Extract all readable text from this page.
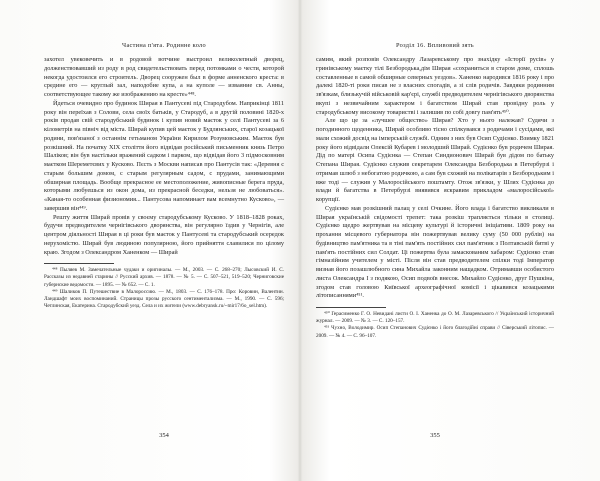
Частина п'ята. Родинне коло

захотел увековечить и в родовой вотчине выстроил великолепный дворец, долженствовавший из роду в род свидетельствовать перед потомками о чести, которой некогда удостоился его строитель. Дворец сооружен был в форме анненского креста: в средине его — круглый зал, наподобие купа, а на куполе — изваяние св. Анны, соответствующее такому же изображению на кресте»⁴⁴⁸.

Йдеться очевидно про будинок Ширая в Пантусеві під Стародубом. Наприкінці 1811 року він переїхав з Солови, села своїх батьків, у Стародуб, а в другій половині 1820-х років продав свій стародубський будинок і купив новий маєток у селі Пантусеві за 6 кілометрів на північ від міста. Ширай купив цей маєток у Будлянських, старої козацької родини, пов'язаної з останнім гетьманом України Кирилом Розумовським. Маєток був розкішний. На початку XIX століття його відвідав російський письменник князь Петро Шаліков; він був настільки вражений садком і парком, що відвідав його 3 підмосковним маєтком Шереметєвих у Кусково. Пєсть з Москви написав про Пантусів так: «Деревня с старым большим домом, с старым регулярным садом, с прудами, занимающими обширная площадь. Вообще прекрасное ее местоположение, живописные берега пруда, которыми любуешься из окон дома, из прекрасной беседки, нельзя не любоваться». «Каная-то особенная физиономия... Пантусова напоминает вам всемнутно Кусково», — завершив він⁴⁴⁹.

Решту життя Ширай провів у своєму стародубському Кусково. У 1818–1828 роках, будучи предводителем чернігівського дворянства, він регулярно їздив у Чернігів, але центром діяльності Ширая в ці роки був маєток у Пантусеві та стародубський осередок нерухомістю. Ширай був людиною популярною, його прийняття славилися по цілому краю. Згодом з Олександром Ханенком — Ширай

⁴⁴⁸ Пыляев М. Замечательные чудаки и оригиналы. — М., 2003. — С. 268–270; Лысовский И. С. Рассказы из недавней старины // Русский архив. — 1878. — № 5. — С. 507–521, 519–520; Черниговские губернские ведомости. — 1895. — № 652. — С. 1.

⁴⁴⁹ Шаликов П. Путешествие в Малороссию. — М., 1803. — С. 176–178. Про: Коровин, Валентин. Ландшафт моих воспоминаний. Страницы прозы русского сентиментализма. — М., 1990. — С. 596; Четлинская, Екатерина. Стародубский уезд. Села и их жители (www.debryansk.ru/~mir17/6o_sel.htm).

354
Розділ 16. Впливовий зять

самим, який розповів Олександру Лазаревському про знахідку «Історії русів» у гринівському маєтку тілі Безбородька,дім Ширая «сохраниться в старом доме, сплошь составленные в самой обширные северных уездов». Ханенко народився 1816 року і про далекі 1820-ті роки писав не з власних спогадів, а зі слів родичів. Завдяки родинним зв'язкам, близькучій військовій кар'єрі, службі предводителем чернігівського дворянства вкупі з незвичайним характером і багатством Ширай став провідну роль у стародубському високому товаристві і залишив по собі довгу пам'ять⁴⁵⁰.

Але що це за «лучшее общество» Ширая? Хто у нього належав? Судячи з погодинного щоденника, Ширай особливо тісно спілкувався з родичами і сусідами, які мали схожий досвід на імперській службі. Одним з них був Осип Судієнко. Взимку 1821 року його відвідали Олексій Кубарев і молодший Ширай. Судієнко був родичем Ширая. Дід по матері Осипа Судієнка — Степан Синдионович Ширай був дідом по батьку Степана Ширая. Судієнко служив секретарем Олександра Безбородька в Петербурзі і отримав шлюб з небогатою родичкою, а сам був схожий на полікатарів з Безбородьким і вже тоді — служив у Малоросійського поштамту. Отож зв'язки, у Шлях Судієнка до влади й багатства в Петербурзі виявився яскравим прикладом «малоросійської» корупції.

Судієнко мав розкішний палац у селі Очкине. Його влада і багатство викликали в Ширая українській свідомості трепет: така розкіш трапляється тільки в столиці. Судієнко щедро жертвував на місцеву культурі й історичні ініціативи. 1809 року на прохання місцевого губернатора він пожертвував велику суму (50 000 рублів) на будівництво пам'ятника та в тіні пам'ять постійних сил пам'ятник з Полтавській битві у пам'ять постійних сил Солдат. Ці пожертва була замаскованим хабаром: Судієнко став гімназійним учителем у місті. Після він став предводителем спілки тоді Імператор визнав його позашлюбного сина Михайла законним нащадком. Отримавши особистого листа Олександра І з подякою, Осип подвоїв внесок. Михайло Судієнко, друг Пушкіна, згодом став головою Київської археографічної комісії і цікавився козацькими літописаннями⁴⁵¹.

⁴⁵⁰ Герасименко Г. О. Невидані листи О. І. Ханенка до О. М. Лазаревського // Український історичний журнал. — 2009. — № 3. — С. 120–157.

⁴⁵¹ Чухно, Володимир. Осип Степанович Судієнко і його благодійні справи // Сіверський літопис. — 2009. — № 4. — С. 96–107.

355
